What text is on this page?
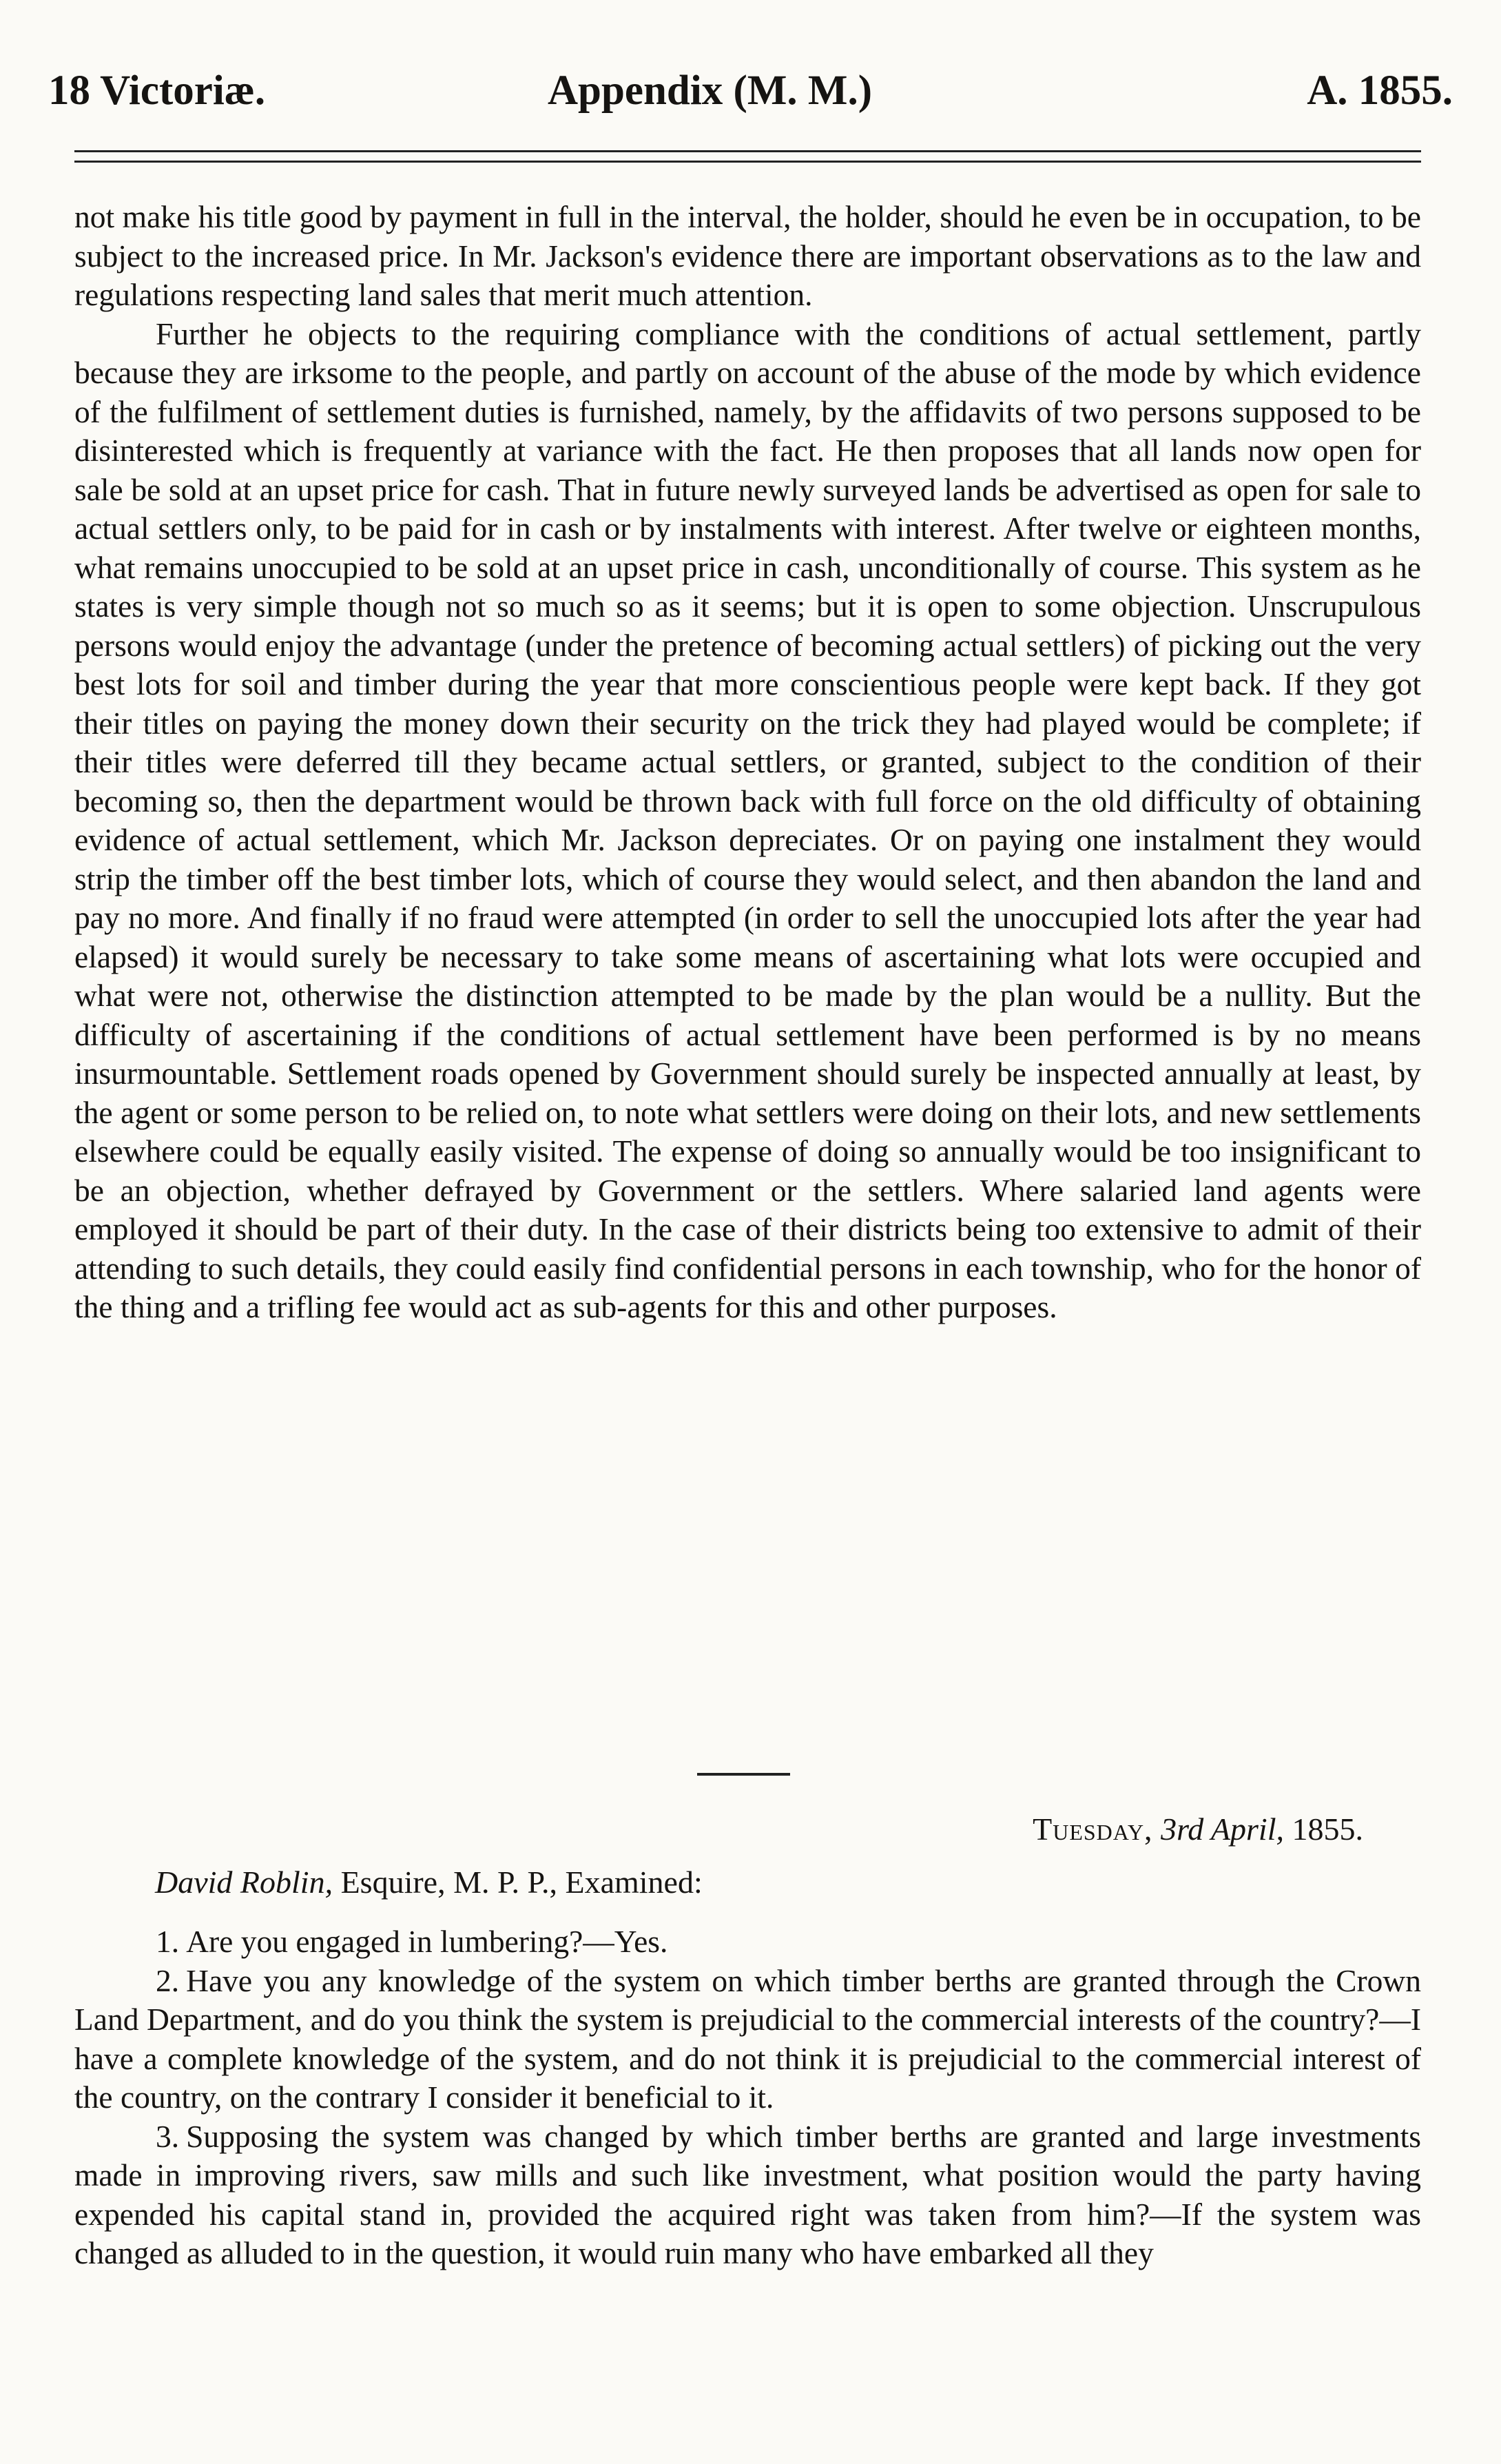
18 Victoriæ.	Appendix (M. M.)	A. 1855.

not make his title good by payment in full in the interval, the holder, should he even be in occupation, to be subject to the increased price. In Mr. Jackson's evidence there are important observations as to the law and regulations respecting land sales that merit much attention.

Further he objects to the requiring compliance with the conditions of actual settlement, partly because they are irksome to the people, and partly on account of the abuse of the mode by which evidence of the fulfilment of settlement duties is furnished, namely, by the affidavits of two persons supposed to be disinterested which is frequently at variance with the fact. He then proposes that all lands now open for sale be sold at an upset price for cash. That in future newly surveyed lands be advertised as open for sale to actual settlers only, to be paid for in cash or by instalments with interest. After twelve or eighteen months, what remains unoccupied to be sold at an upset price in cash, unconditionally of course. This system as he states is very simple though not so much so as it seems; but it is open to some objection. Unscrupulous persons would enjoy the advantage (under the pretence of becoming actual settlers) of picking out the very best lots for soil and timber during the year that more conscientious people were kept back. If they got their titles on paying the money down their security on the trick they had played would be complete; if their titles were deferred till they became actual settlers, or granted, subject to the condition of their becoming so, then the department would be thrown back with full force on the old difficulty of obtaining evidence of actual settlement, which Mr. Jackson depreciates. Or on paying one instalment they would strip the timber off the best timber lots, which of course they would select, and then abandon the land and pay no more. And finally if no fraud were attempted (in order to sell the unoccupied lots after the year had elapsed) it would surely be necessary to take some means of ascertaining what lots were occupied and what were not, otherwise the distinction attempted to be made by the plan would be a nullity. But the difficulty of ascertaining if the conditions of actual settlement have been performed is by no means insurmountable. Settlement roads opened by Government should surely be inspected annually at least, by the agent or some person to be relied on, to note what settlers were doing on their lots, and new settlements elsewhere could be equally easily visited. The expense of doing so annually would be too insignificant to be an objection, whether defrayed by Government or the settlers. Where salaried land agents were employed it should be part of their duty. In the case of their districts being too extensive to admit of their attending to such details, they could easily find confidential persons in each township, who for the honor of the thing and a trifling fee would act as sub-agents for this and other purposes.

Tuesday, 3rd April, 1855.
David Roblin, Esquire, M. P. P., Examined:

1. Are you engaged in lumbering?—Yes.

2. Have you any knowledge of the system on which timber berths are granted through the Crown Land Department, and do you think the system is prejudicial to the commercial interests of the country?—I have a complete knowledge of the system, and do not think it is prejudicial to the commercial interest of the country, on the contrary I consider it beneficial to it.

3. Supposing the system was changed by which timber berths are granted and large investments made in improving rivers, saw mills and such like investment, what position would the party having expended his capital stand in, provided the acquired right was taken from him?—If the system was changed as alluded to in the question, it would ruin many who have embarked all they
